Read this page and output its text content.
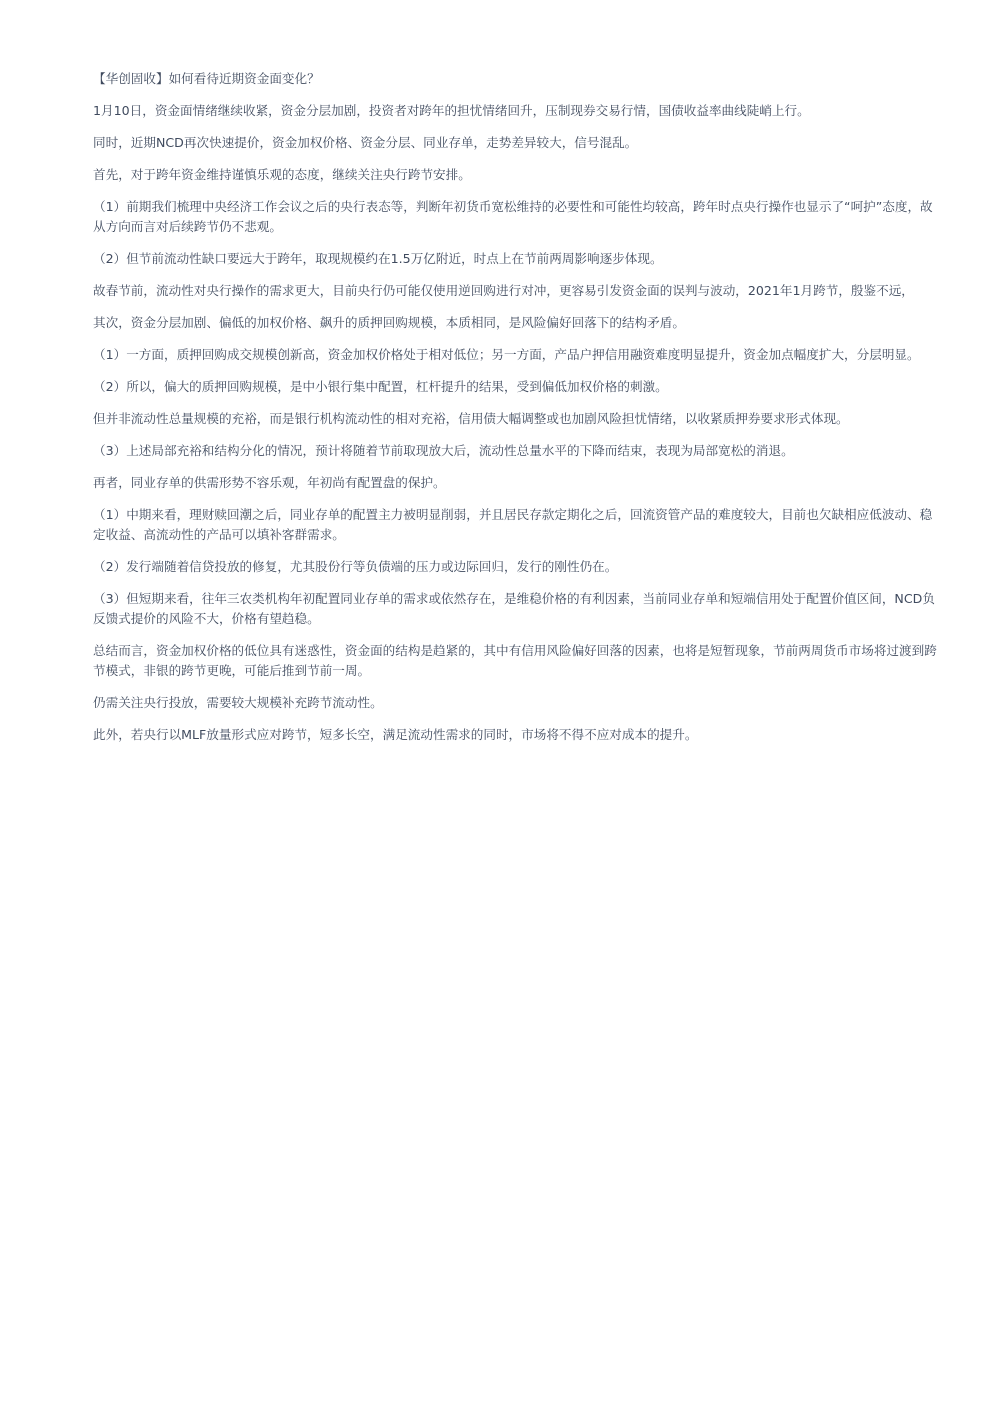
【华创固收】如何看待近期资金面变化？

1月10日，资金面情绪继续收紧，资金分层加剧，投资者对跨年的担忧情绪回升，压制现券交易行情，国债收益率曲线陡峭上行。

同时，近期NCD再次快速提价，资金加权价格、资金分层、同业存单，走势差异较大，信号混乱。

首先，对于跨年资金维持谨慎乐观的态度，继续关注央行跨节安排。

（1）前期我们梳理中央经济工作会议之后的央行表态等，判断年初货币宽松维持的必要性和可能性均较高，跨年时点央行操作也显示了“呵护”态度，故从方向而言对后续跨节仍不悲观。

（2）但节前流动性缺口要远大于跨年，取现规模约在1.5万亿附近，时点上在节前两周影响逐步体现。

故春节前，流动性对央行操作的需求更大，目前央行仍可能仅使用逆回购进行对冲，更容易引发资金面的误判与波动，2021年1月跨节，殷鉴不远，

其次，资金分层加剧、偏低的加权价格、飙升的质押回购规模，本质相同，是风险偏好回落下的结构矛盾。

（1）一方面，质押回购成交规模创新高，资金加权价格处于相对低位；另一方面，产品户押信用融资难度明显提升，资金加点幅度扩大，分层明显。

（2）所以，偏大的质押回购规模，是中小银行集中配置，杠杆提升的结果，受到偏低加权价格的刺激。

但并非流动性总量规模的充裕，而是银行机构流动性的相对充裕，信用债大幅调整或也加剧风险担忧情绪，以收紧质押券要求形式体现。

（3）上述局部充裕和结构分化的情况，预计将随着节前取现放大后，流动性总量水平的下降而结束，表现为局部宽松的消退。

再者，同业存单的供需形势不容乐观，年初尚有配置盘的保护。

（1）中期来看，理财赎回潮之后，同业存单的配置主力被明显削弱，并且居民存款定期化之后，回流资管产品的难度较大，目前也欠缺相应低波动、稳定收益、高流动性的产品可以填补客群需求。

（2）发行端随着信贷投放的修复，尤其股份行等负债端的压力或边际回归，发行的刚性仍在。

（3）但短期来看，往年三农类机构年初配置同业存单的需求或依然存在，是维稳价格的有利因素，当前同业存单和短端信用处于配置价值区间，NCD负反馈式提价的风险不大，价格有望趋稳。

总结而言，资金加权价格的低位具有迷惑性，资金面的结构是趋紧的，其中有信用风险偏好回落的因素，也将是短暂现象，节前两周货币市场将过渡到跨节模式，非银的跨节更晚，可能后推到节前一周。

仍需关注央行投放，需要较大规模补充跨节流动性。

此外，若央行以MLF放量形式应对跨节，短多长空，满足流动性需求的同时，市场将不得不应对成本的提升。
